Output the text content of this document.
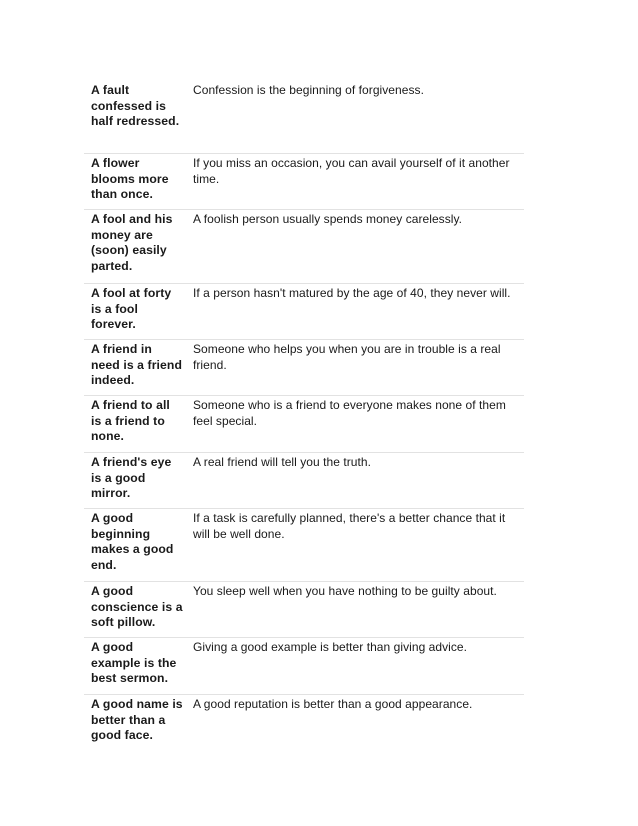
A fault confessed is half redressed.
Confession is the beginning of forgiveness.
A flower blooms more than once.
If you miss an occasion, you can avail yourself of it another time.
A fool and his money are (soon) easily parted.
A foolish person usually spends money carelessly.
A fool at forty is a fool forever.
If a person hasn't matured by the age of 40, they never will.
A friend in need is a friend indeed.
Someone who helps you when you are in trouble is a real friend.
A friend to all is a friend to none.
Someone who is a friend to everyone makes none of them feel special.
A friend's eye is a good mirror.
A real friend will tell you the truth.
A good beginning makes a good end.
If a task is carefully planned, there's a better chance that it will be well done.
A good conscience is a soft pillow.
You sleep well when you have nothing to be guilty about.
A good example is the best sermon.
Giving a good example is better than giving advice.
A good name is better than a good face.
A good reputation is better than a good appearance.
